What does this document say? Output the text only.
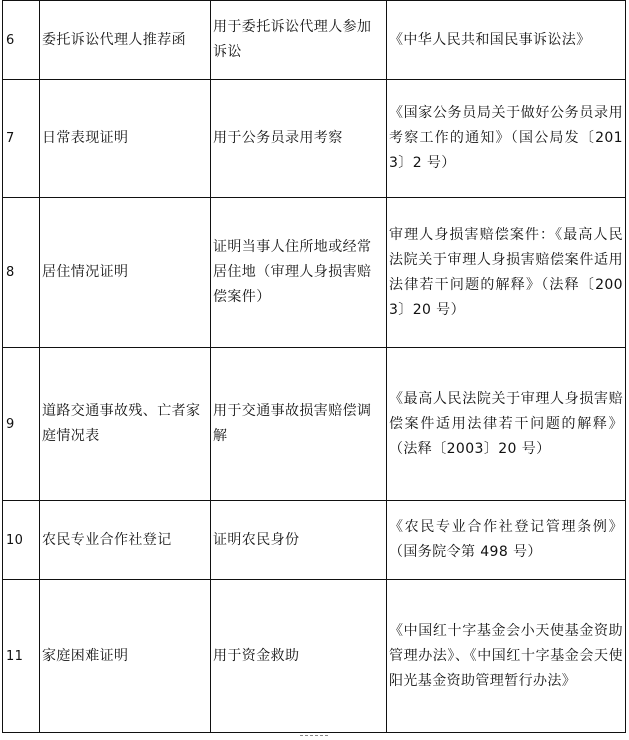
6	委托诉讼代理人推荐函	用于委托诉讼代理人参加诉讼	《中华人民共和国民事诉讼法》
7	日常表现证明	用于公务员录用考察	《国家公务员局关于做好公务员录用考察工作的通知》（国公局发〔2013〕2 号）
8	居住情况证明	证明当事人住所地或经常居住地（审理人身损害赔偿案件）	审理人身损害赔偿案件：《最高人民法院关于审理人身损害赔偿案件适用法律若干问题的解释》（法释〔2003〕20 号）
9	道路交通事故残、亡者家庭情况表	用于交通事故损害赔偿调解	《最高人民法院关于审理人身损害赔偿案件适用法律若干问题的解释》（法释〔2003〕20 号）
10	农民专业合作社登记	证明农民身份	《农民专业合作社登记管理条例》（国务院令第 498 号）
11	家庭困难证明	用于资金救助	《中国红十字基金会小天使基金资助管理办法》、《中国红十字基金会天使阳光基金资助管理暂行办法》
